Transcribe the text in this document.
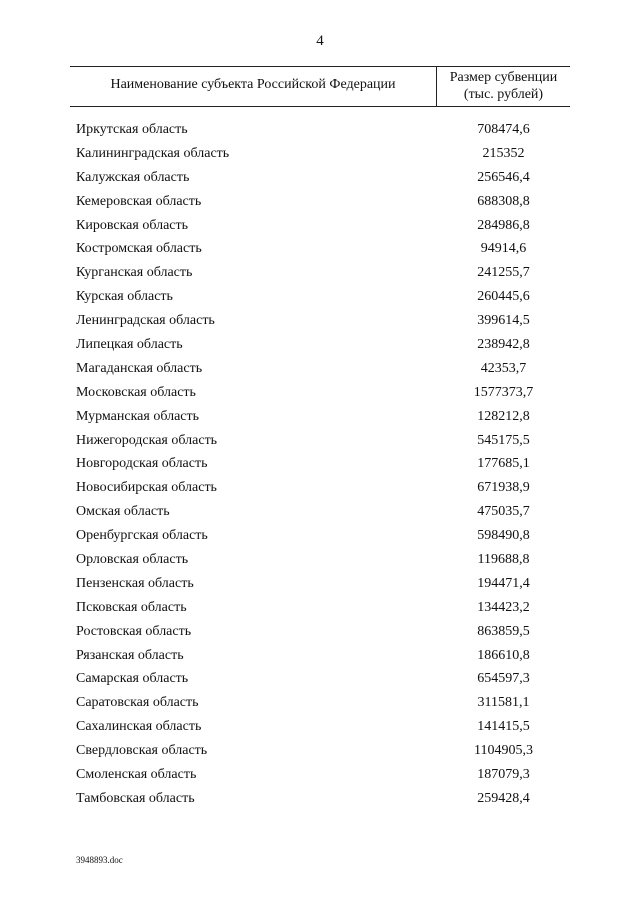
4
Наименование субъекта Российской Федерации	Размер субвенции
(тыс. рублей)
Иркутская область	708474,6
Калининградская область	215352
Калужская область	256546,4
Кемеровская область	688308,8
Кировская область	284986,8
Костромская область	94914,6
Курганская область	241255,7
Курская область	260445,6
Ленинградская область	399614,5
Липецкая область	238942,8
Магаданская область	42353,7
Московская область	1577373,7
Мурманская область	128212,8
Нижегородская область	545175,5
Новгородская область	177685,1
Новосибирская область	671938,9
Омская область	475035,7
Оренбургская область	598490,8
Орловская область	119688,8
Пензенская область	194471,4
Псковская область	134423,2
Ростовская область	863859,5
Рязанская область	186610,8
Самарская область	654597,3
Саратовская область	311581,1
Сахалинская область	141415,5
Свердловская область	1104905,3
Смоленская область	187079,3
Тамбовская область	259428,4
3948893.doc
